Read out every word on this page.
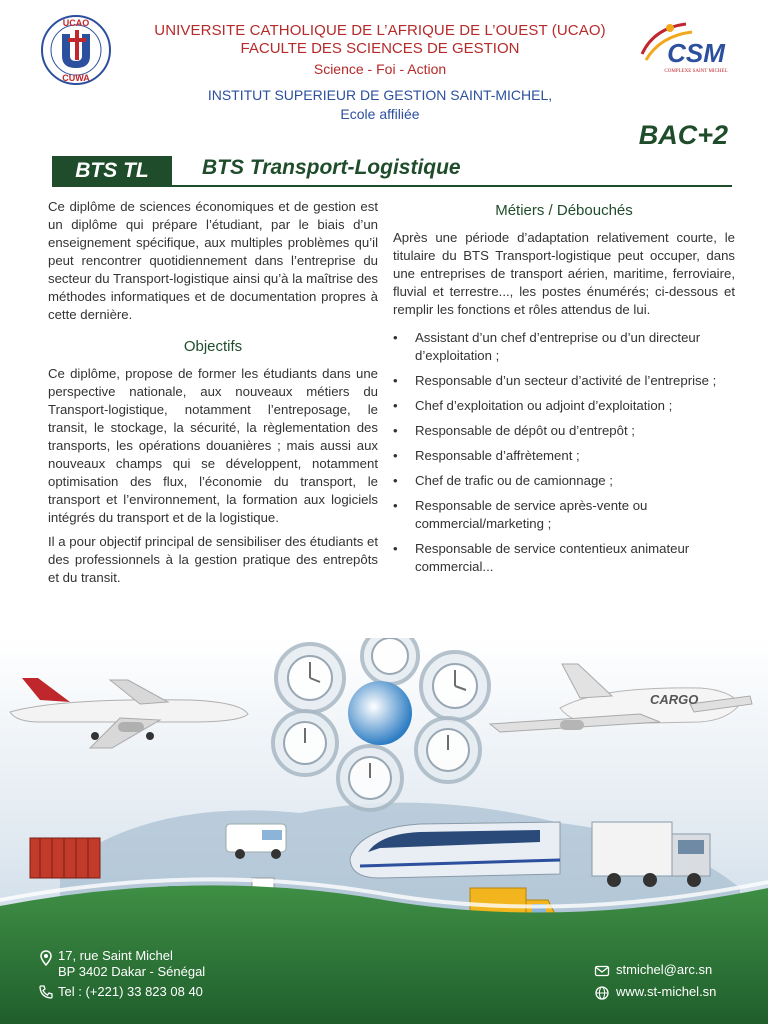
UCAO
CUWA
UNIVERSITE CATHOLIQUE DE L’AFRIQUE DE L’OUEST (UCAO)
FACULTE DES SCIENCES DE GESTION
Science - Foi - Action
INSTITUT SUPERIEUR DE GESTION SAINT-MICHEL,
Ecole affiliée
CSM
COMPLEXE SAINT MICHEL
BAC+2
BTS TL	BTS Transport-Logistique

Ce diplôme de sciences économiques et de gestion est un diplôme qui prépare l’étudiant, par le biais d’un enseignement spécifique, aux multiples problèmes qu’il peut rencontrer quotidiennement dans l’entreprise du secteur du Transport-logistique ainsi qu’à la maîtrise des méthodes informatiques et de documentation propres à cette dernière.

Objectifs

Ce diplôme, propose de former les étudiants dans une perspective nationale, aux nouveaux métiers du Transport-logistique, notamment l’entreposage, le transit, le stockage, la sécurité, la règlementation des transports, les opérations douanières ; mais aussi aux nouveaux champs qui se développent, notamment optimisation des flux, l’économie du transport, le transport et l’environnement, la formation aux logiciels intégrés du transport et de la logistique.

Il a pour objectif principal de sensibiliser des étudiants et des professionnels à la gestion pratique des entrepôts et du transit.

Métiers / Débouchés

Après une période d’adaptation relativement courte, le titulaire du BTS Transport-logistique peut occuper, dans une entreprises de transport aérien, maritime, ferroviaire, fluvial et terrestre..., les postes énumérés; ci-dessous et remplir les fonctions et rôles attendus de lui.

• Assistant d’un chef d’entreprise ou d’un directeur d’exploitation ;
• Responsable d’un secteur d’activité de l’entreprise ;
• Chef d’exploitation ou adjoint d’exploitation ;
• Responsable de dépôt ou d’entrepôt ;
• Responsable d’affrètement ;
• Chef de trafic ou de camionnage ;
• Responsable de service après-vente ou commercial/marketing ;
• Responsable de service contentieux animateur commercial...
CARGO
17, rue Saint Michel
BP 3402 Dakar - Sénégal
Tel : (+221) 33 823 08 40
stmichel@arc.sn
www.st-michel.sn
